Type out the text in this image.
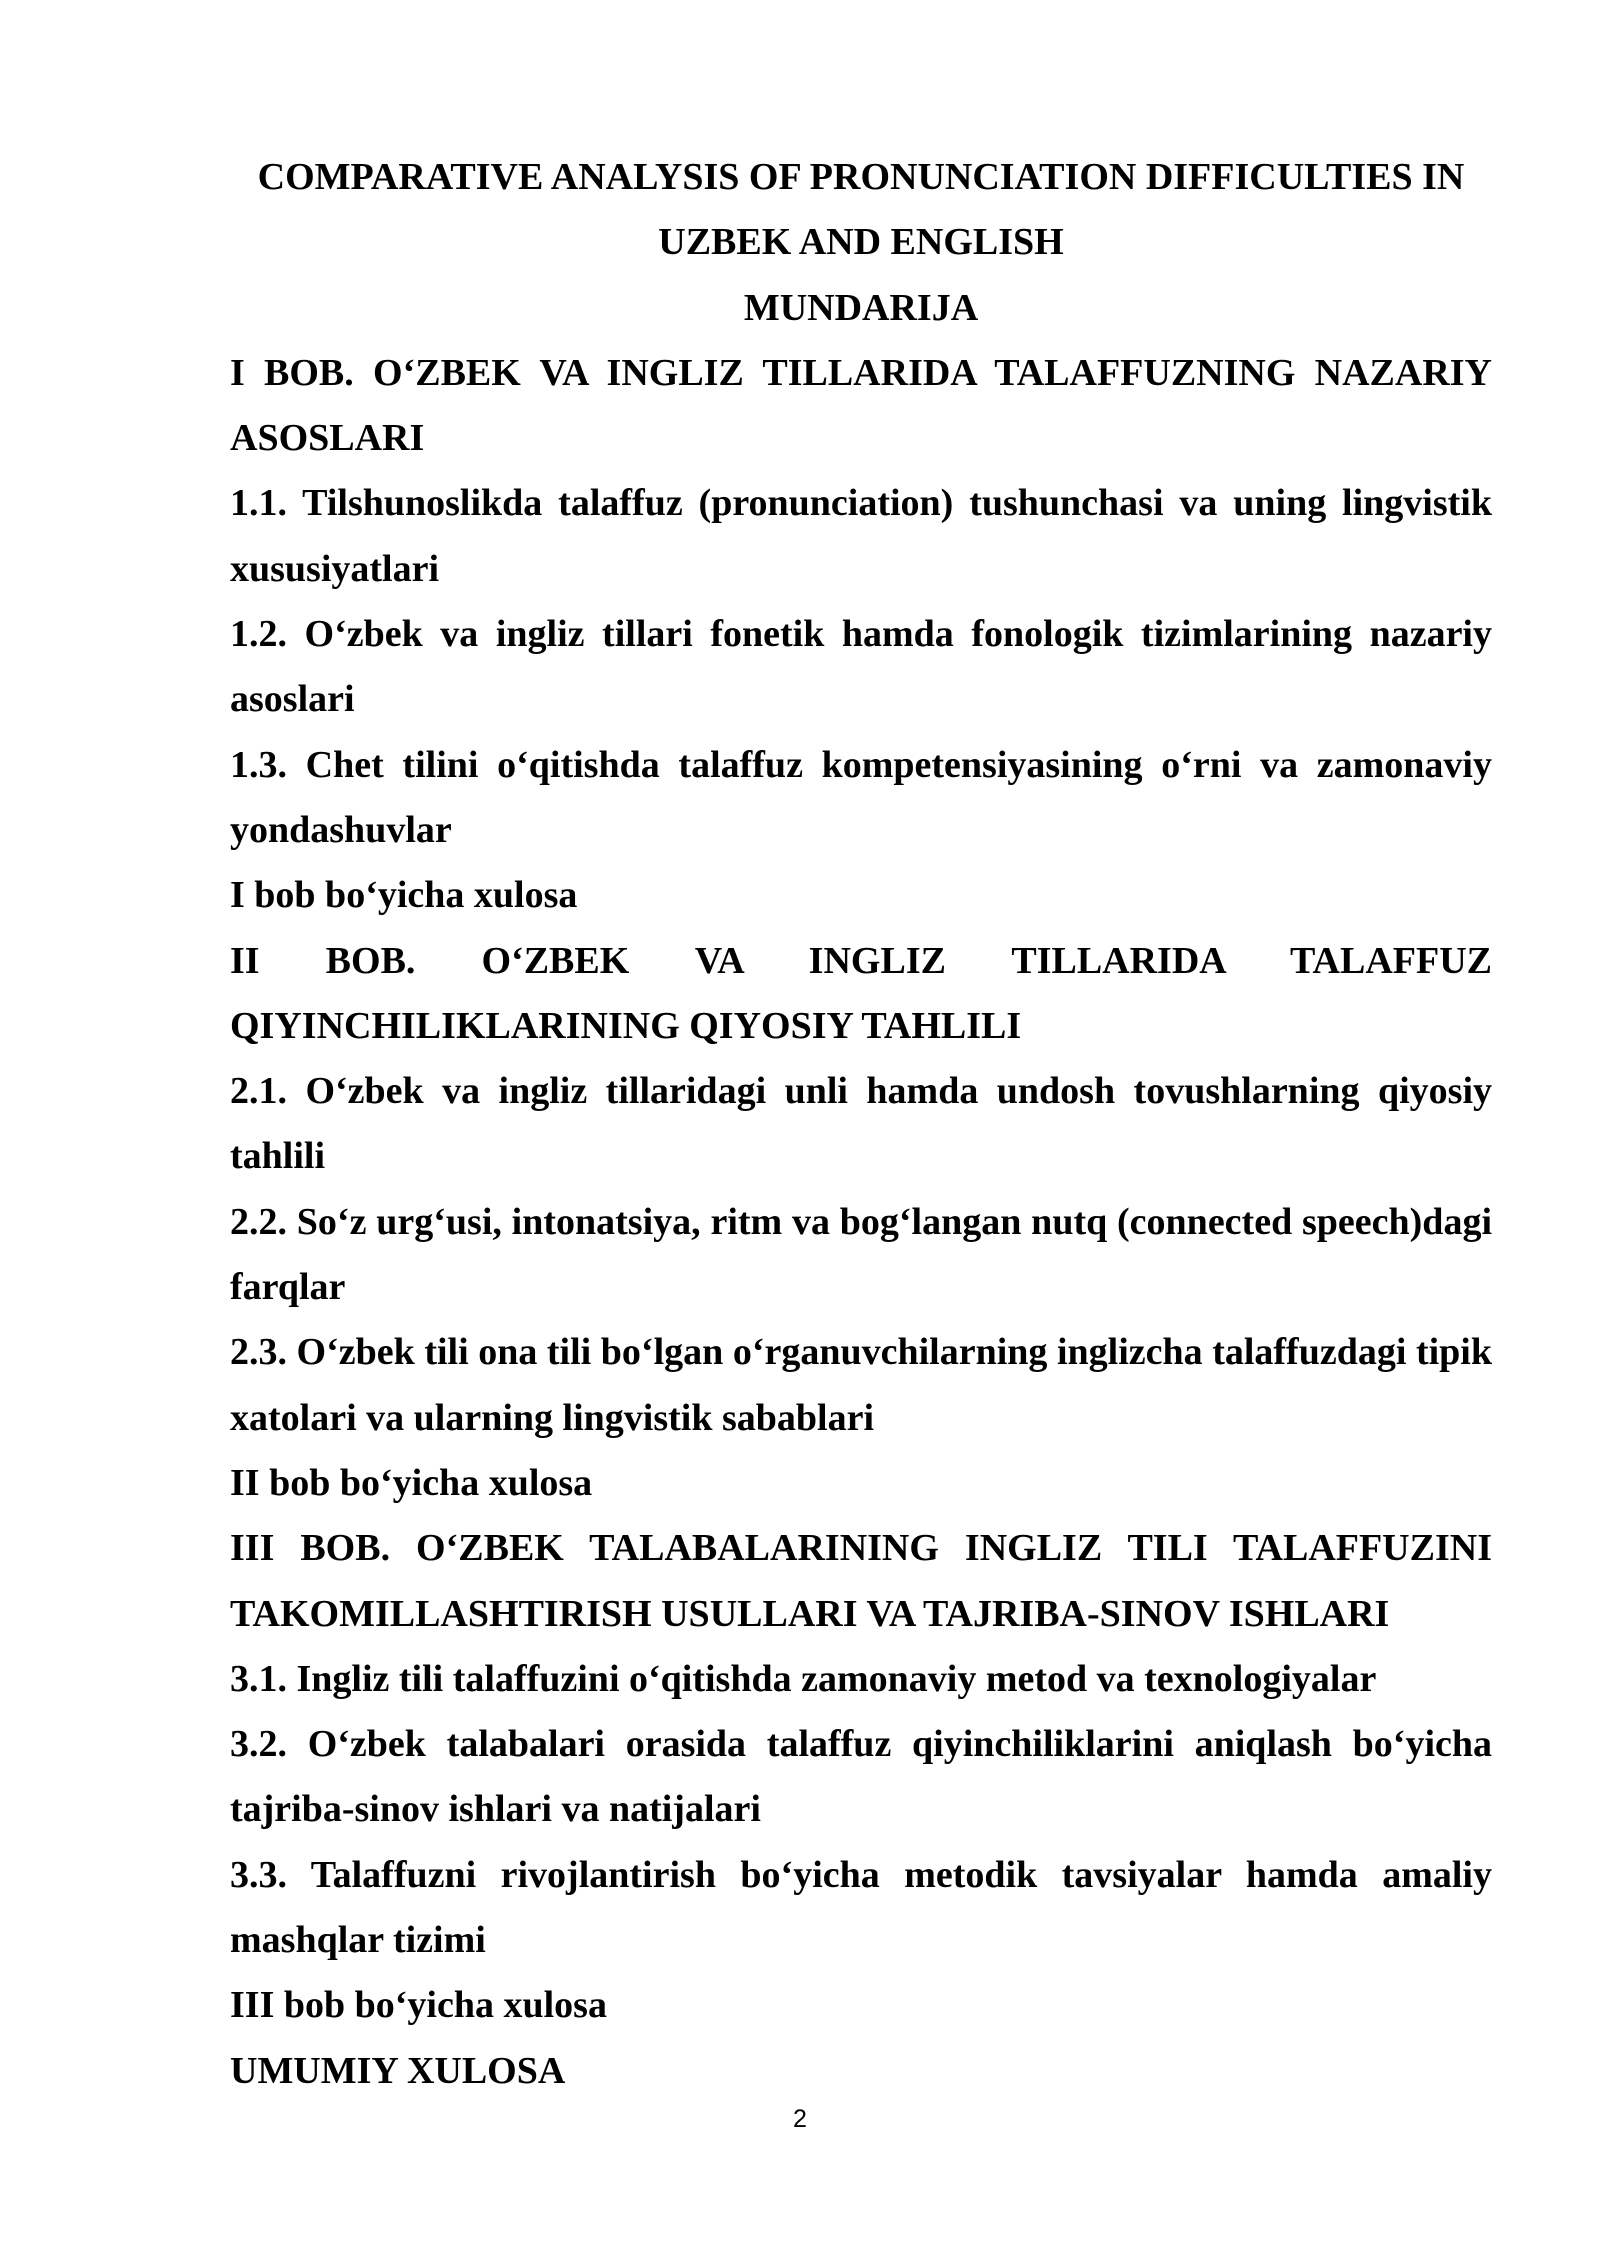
COMPARATIVE ANALYSIS OF PRONUNCIATION DIFFICULTIES IN

UZBEK AND ENGLISH

MUNDARIJA

I BOB. O‘ZBEK VA INGLIZ TILLARIDA TALAFFUZNING NAZARIY ASOSLARI

1.1. Tilshunoslikda talaffuz (pronunciation) tushunchasi va uning lingvistik xususiyatlari

1.2. O‘zbek va ingliz tillari fonetik hamda fonologik tizimlarining nazariy asoslari

1.3. Chet tilini o‘qitishda talaffuz kompetensiyasining o‘rni va zamonaviy yondashuvlar

I bob bo‘yicha xulosa

II BOB. O‘ZBEK VA INGLIZ TILLARIDA TALAFFUZ QIYINCHILIKLARINING QIYOSIY TAHLILI

2.1. O‘zbek va ingliz tillaridagi unli hamda undosh tovushlarning qiyosiy tahlili

2.2. So‘z urg‘usi, intonatsiya, ritm va bog‘langan nutq (connected speech)dagi farqlar

2.3. O‘zbek tili ona tili bo‘lgan o‘rganuvchilarning inglizcha talaffuzdagi tipik xatolari va ularning lingvistik sabablari

II bob bo‘yicha xulosa

III BOB. O‘ZBEK TALABALARINING INGLIZ TILI TALAFFUZINI TAKOMILLASHTIRISH USULLARI VA TAJRIBA-SINOV ISHLARI

3.1. Ingliz tili talaffuzini o‘qitishda zamonaviy metod va texnologiyalar

3.2. O‘zbek talabalari orasida talaffuz qiyinchiliklarini aniqlash bo‘yicha tajriba-sinov ishlari va natijalari

3.3. Talaffuzni rivojlantirish bo‘yicha metodik tavsiyalar hamda amaliy mashqlar tizimi

III bob bo‘yicha xulosa

UMUMIY XULOSA

2
